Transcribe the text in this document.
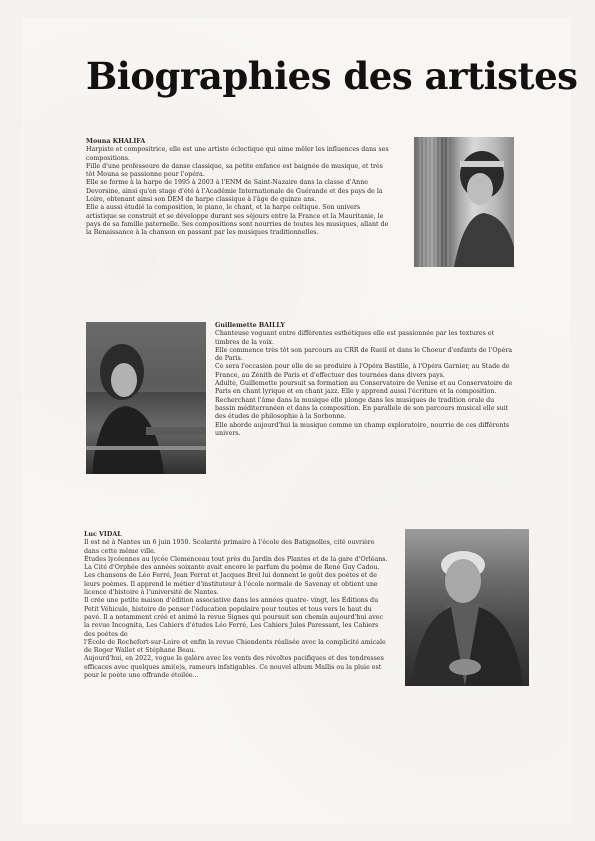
Biographies des artistes

Mouna KHALIFA

Harpiste et compositrice, elle est une artiste éclectique qui aime mêler les influences dans ses compositions.

Fille d'une professeure de danse classique, sa petite enfance est baignée de musique, et très tôt Mouna se passionne pour l'opéra.

Elle se forme à la harpe de 1995 à 2003 à l'ENM de Saint-Nazaire dans la classe d'Anne Devorsine, ainsi qu'en stage d'été à l'Académie Internationale de Guérande et des pays de la Loire, obtenant ainsi son DEM de harpe classique à l'âge de quinze ans.

Elle a aussi étudié la composition, le piano, le chant, et la harpe celtique. Son univers artistique se construit et se développe durant ses séjours entre la France et la Mauritanie, le pays de sa famille paternelle. Ses compositions sont nourries de toutes les musiques, allant de la Renaissance à la chanson en passant par les musiques traditionnelles.

Guillemette BAILLY

Chanteuse voguant entre différentes esthétiques elle est passionnée par les textures et timbres de la voix.

Elle commence très tôt son parcours au CRR de Rueil et dans le Choeur d'enfants de l'Opéra de Paris.

Ce sera l'occasion pour elle de se produire à l'Opéra Bastille, à l'Opéra Garnier, au Stade de France, au Zénith de Paris et d'effectuer des tournées dans divers pays.

Adulte, Guillemette poursuit sa formation au Conservatoire de Venise et au Conservatoire de Paris en chant lyrique et en chant jazz. Elle y apprend aussi l'écriture et la composition.

Recherchant l'âme dans la musique elle plonge dans les musiques de tradition orale du bassin méditerranéen et dans la composition. En parallele de son parcours musical elle suit des études de philosophie à la Sorbonne.

Elle aborde aujourd'hui la musique comme un champ exploratoire, nourrie de ces différents univers.

Luc VIDAL

Il est né à Nantes un 6 juin 1950. Scolarité primaire à l'école des Batignolles, cité ouvrière dans cette même ville.

Études lycéennes au lycée Clemenceau tout près du Jardin des Plantes et de la gare d'Orléans.

La Cité d'Orphée des années soixante avait encore le parfum du poème de René Guy Cadou.

Les chansons de Léo Ferré, Jean Ferrat et Jacques Brel lui donnent le goût des poètes et de leurs poèmes. Il apprend le métier d'instituteur à l'école normale de Savenay et obtient une licence d'histoire à l'université de Nantes.

Il crée une petite maison d'édition associative dans les années quatre- vingt, les Éditions du Petit Véhicule, histoire de penser l'éducation populaire pour toutes et tous vers le haut du pavé. Il a notamment créé et animé la revue Signes qui poursuit son chemin aujourd'hui avec la revue Incognita, Les Cahiers d'études Léo Ferré, Les Cahiers Jules Paressant, les Cahiers des poètes de

l'École de Rochefort-sur-Loire et enfin la revue Chiendents réalisée avec la complicité amicale de Roger Wallet et Stéphane Beau.

Aujourd'hui, en 2022, vogue la galère avec les vents des révoltes pacifiques et des tendresses efficaces avec quelques ami(e)s, rameurs infatigables. Ce nouvel album Maïlis ou la pluie est pour le poète une offrande étoilée...
